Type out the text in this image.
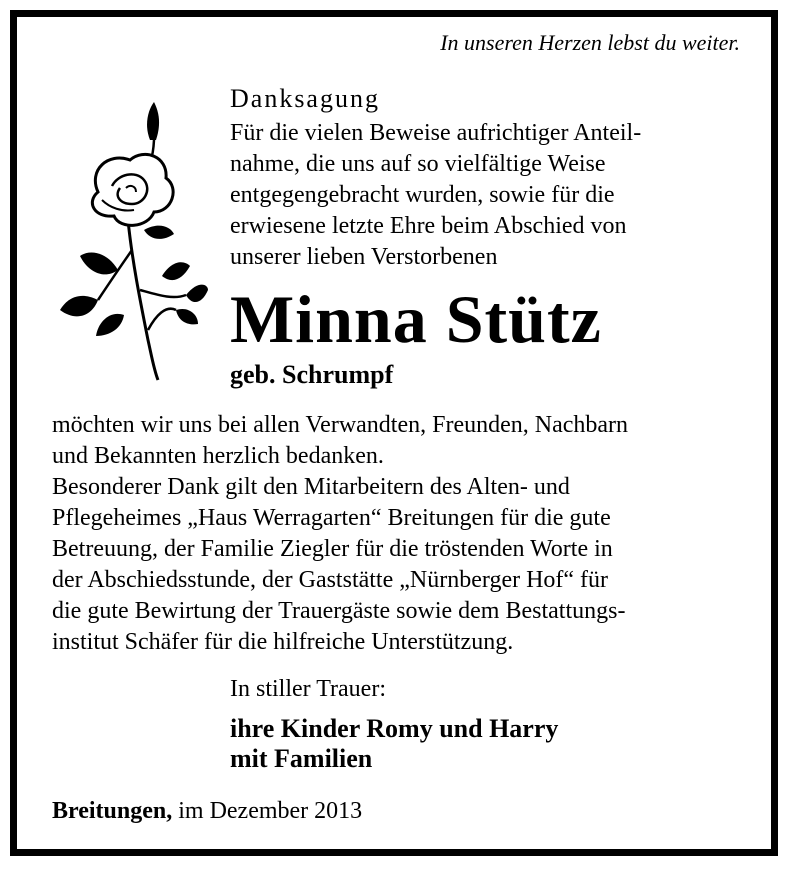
In unseren Herzen lebst du weiter.
Danksagung
Für die vielen Beweise aufrichtiger Anteil-
nahme, die uns auf so vielfältige Weise
entgegengebracht wurden, sowie für die
erwiesene letzte Ehre beim Abschied von
unserer lieben Verstorbenen
Minna Stütz
geb. Schrumpf
möchten wir uns bei allen Verwandten, Freunden, Nachbarn
und Bekannten herzlich bedanken.
Besonderer Dank gilt den Mitarbeitern des Alten- und
Pflegeheimes „Haus Werragarten“ Breitungen für die gute
Betreuung, der Familie Ziegler für die tröstenden Worte in
der Abschiedsstunde, der Gaststätte „Nürnberger Hof“ für
die gute Bewirtung der Trauergäste sowie dem Bestattungs-
institut Schäfer für die hilfreiche Unterstützung.
In stiller Trauer:
ihre Kinder Romy und Harry
mit Familien
Breitungen, im Dezember 2013
